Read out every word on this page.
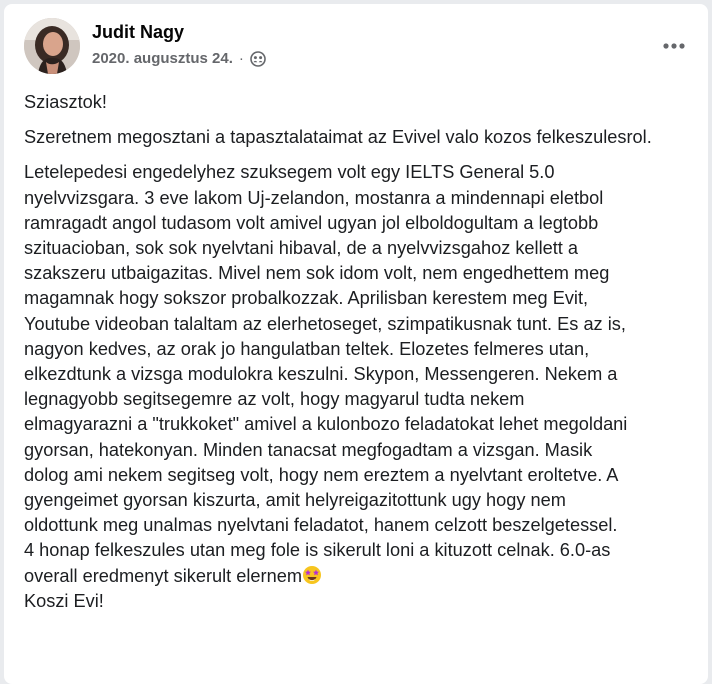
Judit Nagy
2020. augusztus 24. ·

Sziasztok!

Szeretnem megosztani a tapasztalataimat az Evivel valo kozos felkeszulesrol.

Letelepedesi engedelyhez szuksegem volt egy IELTS General 5.0
nyelvvizsgara. 3 eve lakom Uj-zelandon, mostanra a mindennapi eletbol
ramragadt angol tudasom volt amivel ugyan jol elboldogultam a legtobb
szituacioban, sok sok nyelvtani hibaval, de a nyelvvizsgahoz kellett a
szakszeru utbaigazitas. Mivel nem sok idom volt, nem engedhettem meg
magamnak hogy sokszor probalkozzak. Aprilisban kerestem meg Evit,
Youtube videoban talaltam az elerhetoseget, szimpatikusnak tunt. Es az is,
nagyon kedves, az orak jo hangulatban teltek. Elozetes felmeres utan,
elkezdtunk a vizsga modulokra keszulni. Skypon, Messengeren. Nekem a
legnagyobb segitsegemre az volt, hogy magyarul tudta nekem
elmagyarazni a "trukkoket" amivel a kulonbozo feladatokat lehet megoldani
gyorsan, hatekonyan. Minden tanacsat megfogadtam a vizsgan. Masik
dolog ami nekem segitseg volt, hogy nem ereztem a nyelvtant eroltetve. A
gyengeimet gyorsan kiszurta, amit helyreigazitottunk ugy hogy nem
oldottunk meg unalmas nyelvtani feladatot, hanem celzott beszelgetessel.
4 honap felkeszules utan meg fole is sikerult loni a kituzott celnak. 6.0-as
overall eredmenyt sikerult elernem
Koszi Evi!
